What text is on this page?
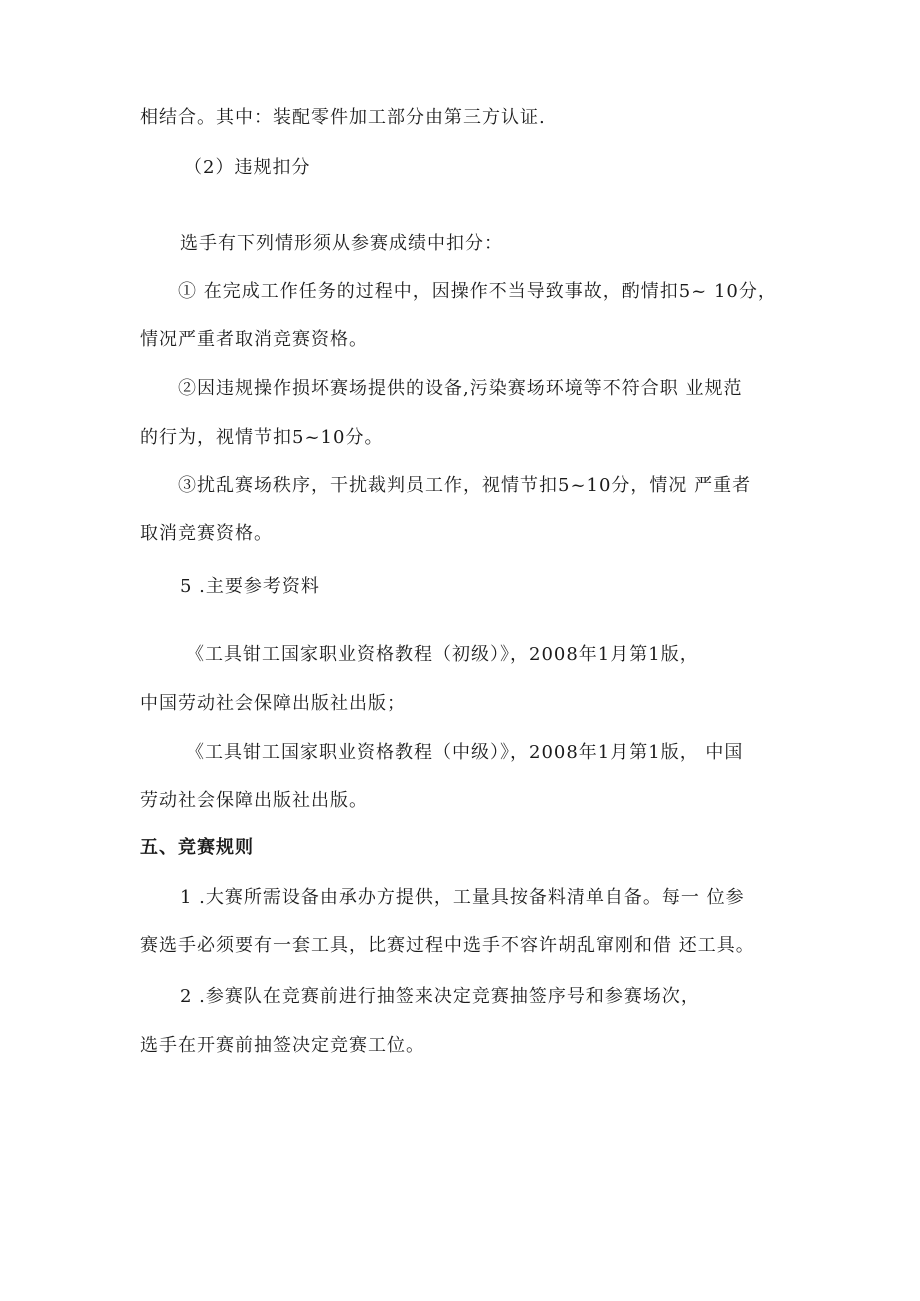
相结合。其中：装配零件加工部分由第三方认证.
（2）违规扣分
选手有下列情形须从参赛成绩中扣分：
① 在完成工作任务的过程中，因操作不当导致事故，酌情扣5~ 10分，
情况严重者取消竞赛资格。
②因违规操作损坏赛场提供的设备,污染赛场环境等不符合职 业规范
的行为，视情节扣5~10分。
③扰乱赛场秩序，干扰裁判员工作，视情节扣5~10分，情况 严重者
取消竞赛资格。
5 .主要参考资料
《工具钳工国家职业资格教程（初级）》，2008年1月第1版，
中国劳动社会保障出版社出版；
《工具钳工国家职业资格教程（中级）》，2008年1月第1版， 中国
劳动社会保障出版社出版。
五、竞赛规则
1 .大赛所需设备由承办方提供，工量具按备料清单自备。每一 位参
赛选手必须要有一套工具，比赛过程中选手不容许胡乱窜刚和借 还工具。
2 .参赛队在竞赛前进行抽签来决定竞赛抽签序号和参赛场次，
选手在开赛前抽签决定竞赛工位。
